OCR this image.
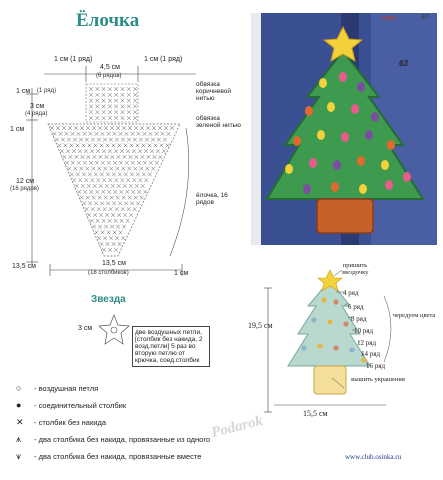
Ёлочка
1 см (1 ряд)	1 см (1 ряд)
4,5 см
(6 рядов)
1 см (1 ряд)
3 см
(4 ряда)
1 см
12 см
(16 рядов)
13,5 см	13,5 см
(18 столбиков)	1 см
обвязка коричневой нитью
обвязка зеленой нитью
ёлочка, 16 рядов
Звезда
3 см
две воздушных петли, [столбик без накида, 2 возд.петли] 5 раз во вторую петлю от крючка, соед.столбик
○ - воздушная петля
● - соединительный столбик
✕ - столбик без накида
⩚ - два столбика без накида, провязанные из одного
⩛ - два столбика без накида, провязанные вместе
how	37
63
пришить звездочку
4 ряд
6 ряд
8 ряд
10 ряд
12 ряд
14 ряд
16 ряд
чередуем цвета
19,5 см
15,5 см
вышить украшения
Podarok
www.club.osinka.ru
